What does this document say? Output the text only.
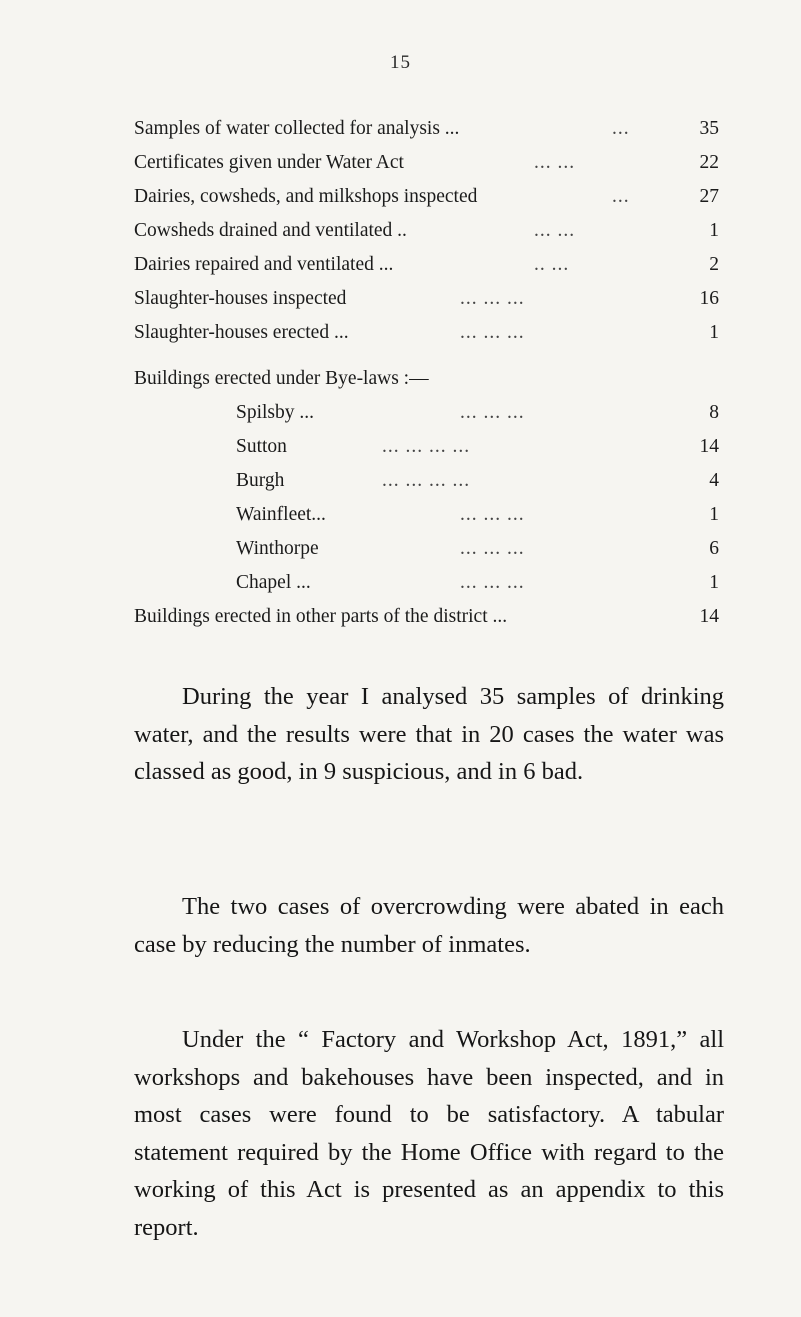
15
Samples of water collected for analysis ...	...	35
Certificates given under Water Act	... ...	22
Dairies, cowsheds, and milkshops inspected	...	27
Cowsheds drained and ventilated ..	... ...	1
Dairies repaired and ventilated ...	.. ...	2
Slaughter-houses inspected	... ... ...	16
Slaughter-houses erected ...	... ... ...	1
Buildings erected under Bye-laws :—
Spilsby ...	... ... ...	8
Sutton	... ... ... ...	14
Burgh	... ... ... ...	4
Wainfleet...	... ... ...	1
Winthorpe	... ... ...	6
Chapel ...	... ... ...	1
Buildings erected in other parts of the district ...	14

During the year I analysed 35 samples of drinking water, and the results were that in 20 cases the water was classed as good, in 9 suspicious, and in 6 bad.

The two cases of overcrowding were abated in each case by reducing the number of inmates.

Under the “ Factory and Workshop Act, 1891,” all workshops and bakehouses have been inspected, and in most cases were found to be satisfactory. A tabular statement required by the Home Office with regard to the working of this Act is presented as an appendix to this report.
